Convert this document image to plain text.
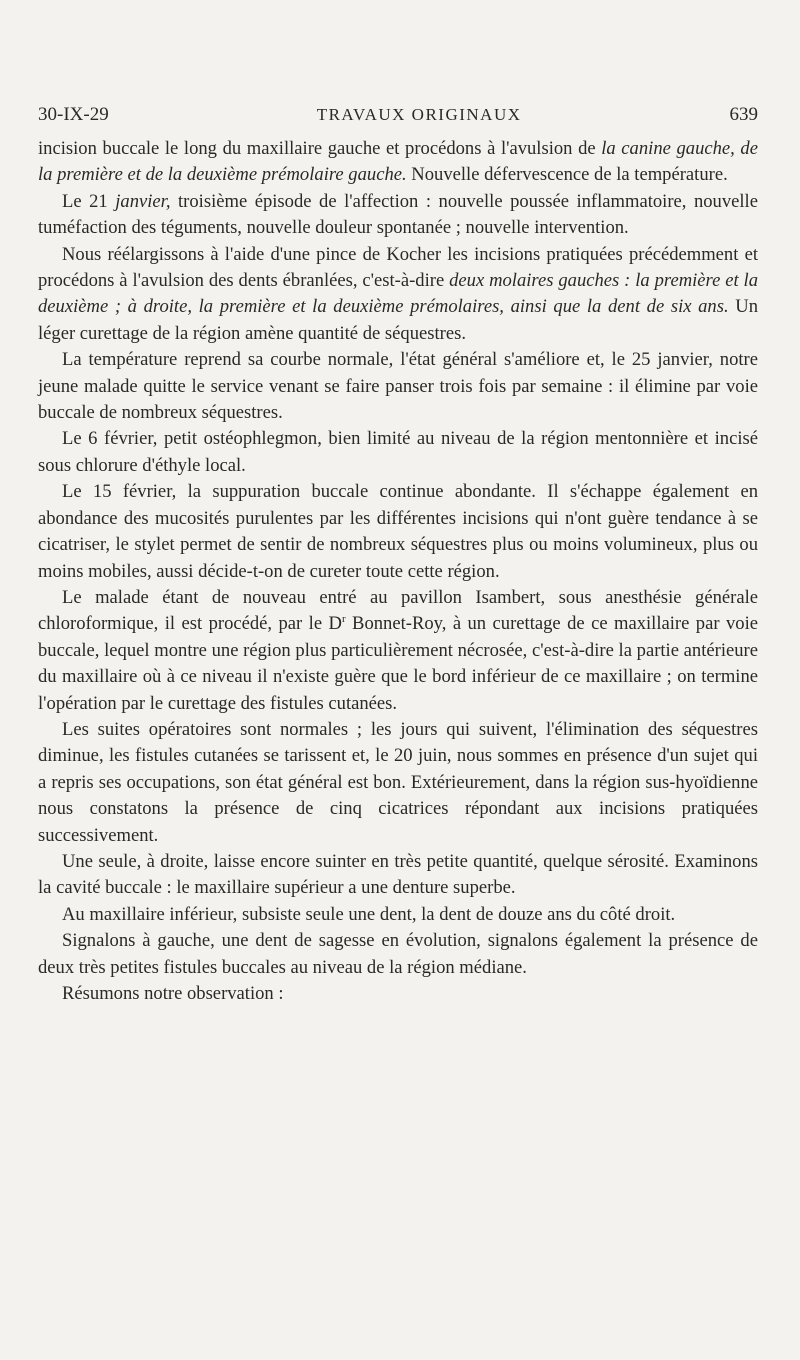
30-IX-29	TRAVAUX ORIGINAUX	639

incision buccale le long du maxillaire gauche et procédons à l'avulsion de la canine gauche, de la première et de la deuxième prémolaire gauche. Nouvelle défervescence de la température.

Le 21 janvier, troisième épisode de l'affection : nouvelle poussée inflammatoire, nouvelle tuméfaction des téguments, nouvelle douleur spontanée ; nouvelle intervention.

Nous réélargissons à l'aide d'une pince de Kocher les incisions pratiquées précédemment et procédons à l'avulsion des dents ébranlées, c'est-à-dire deux molaires gauches : la première et la deuxième ; à droite, la première et la deuxième prémolaires, ainsi que la dent de six ans. Un léger curettage de la région amène quantité de séquestres.

La température reprend sa courbe normale, l'état général s'améliore et, le 25 janvier, notre jeune malade quitte le service venant se faire panser trois fois par semaine : il élimine par voie buccale de nombreux séquestres.

Le 6 février, petit ostéophlegmon, bien limité au niveau de la région mentonnière et incisé sous chlorure d'éthyle local.

Le 15 février, la suppuration buccale continue abondante. Il s'échappe également en abondance des mucosités purulentes par les différentes incisions qui n'ont guère tendance à se cicatriser, le stylet permet de sentir de nombreux séquestres plus ou moins volumineux, plus ou moins mobiles, aussi décide-t-on de cureter toute cette région.

Le malade étant de nouveau entré au pavillon Isambert, sous anesthésie générale chloroformique, il est procédé, par le $D^r$ Bonnet-Roy, à un curettage de ce maxillaire par voie buccale, lequel montre une région plus particulièrement nécrosée, c'est-à-dire la partie antérieure du maxillaire où à ce niveau il n'existe guère que le bord inférieur de ce maxillaire ; on termine l'opération par le curettage des fistules cutanées.

Les suites opératoires sont normales ; les jours qui suivent, l'élimination des séquestres diminue, les fistules cutanées se tarissent et, le 20 juin, nous sommes en présence d'un sujet qui a repris ses occupations, son état général est bon. Extérieurement, dans la région sus-hyoïdienne nous constatons la présence de cinq cicatrices répondant aux incisions pratiquées successivement.

Une seule, à droite, laisse encore suinter en très petite quantité, quelque sérosité. Examinons la cavité buccale : le maxillaire supérieur a une denture superbe.

Au maxillaire inférieur, subsiste seule une dent, la dent de douze ans du côté droit.

Signalons à gauche, une dent de sagesse en évolution, signalons également la présence de deux très petites fistules buccales au niveau de la région médiane.

Résumons notre observation :
